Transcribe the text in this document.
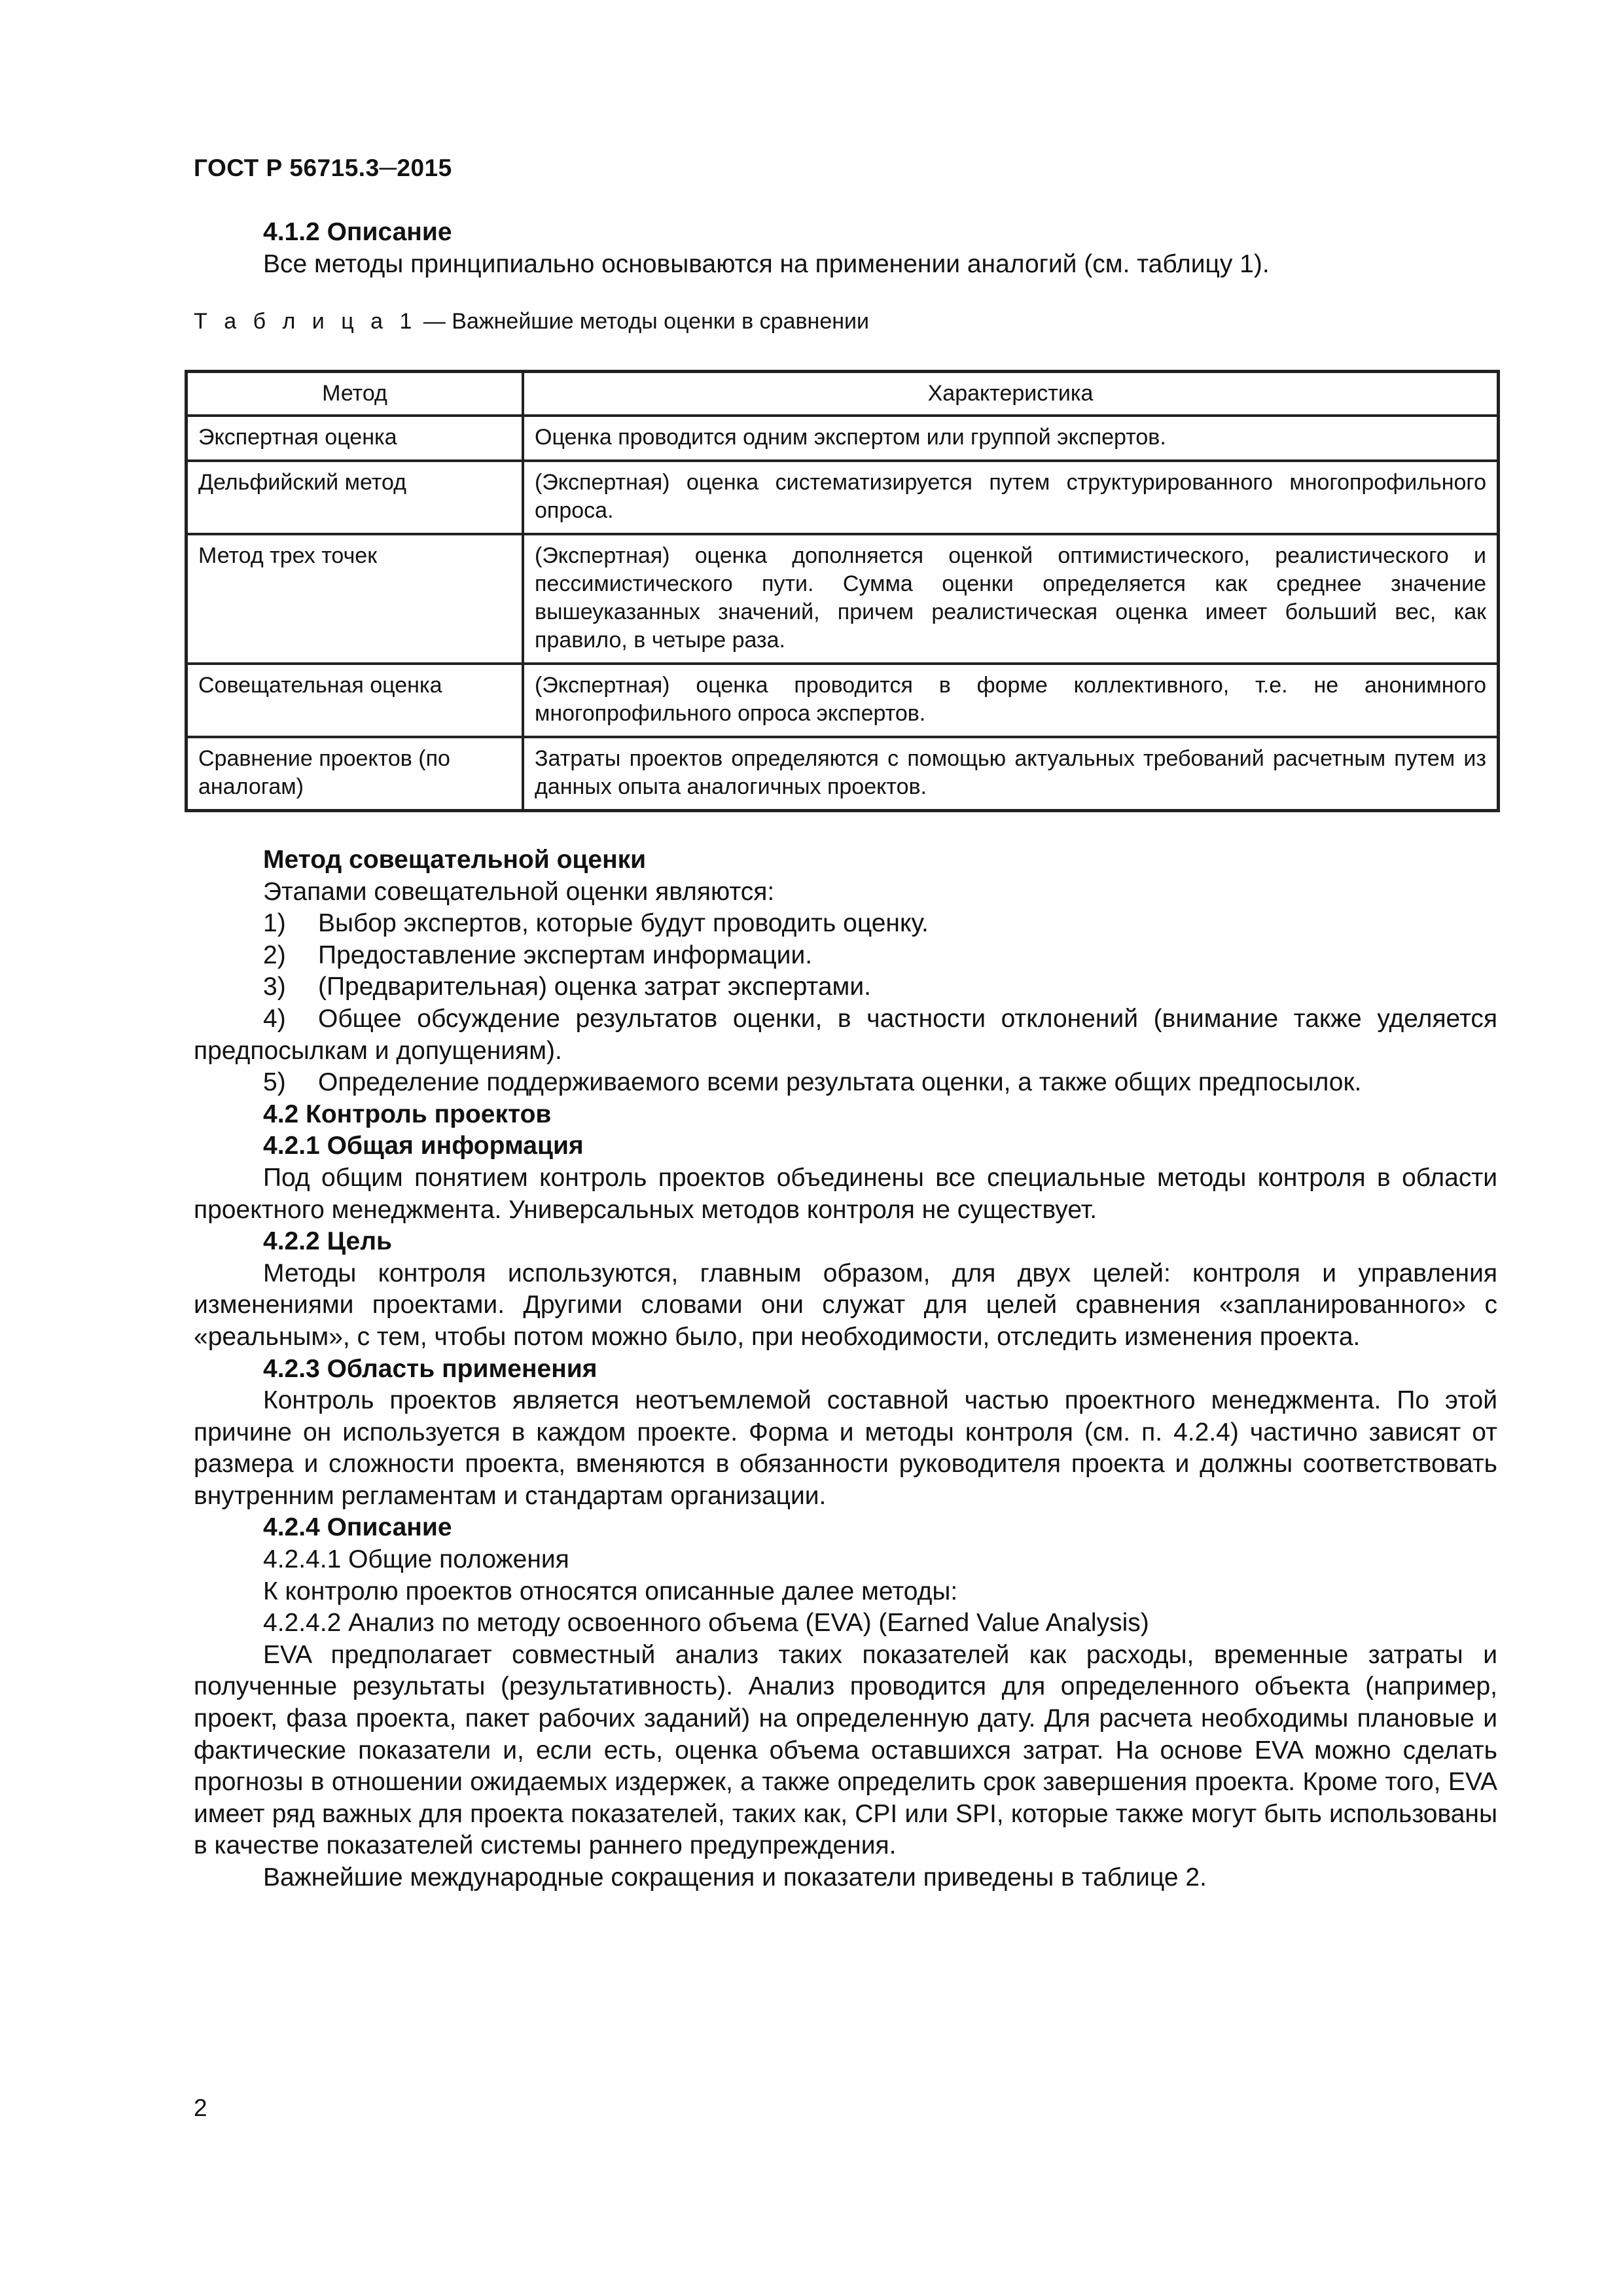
ГОСТ Р 56715.3─2015

4.1.2 Описание

Все методы принципиально основываются на применении аналогий (см. таблицу 1).

Т а б л и ц а 1 — Важнейшие методы оценки в сравнении
Метод	Характеристика
Экспертная оценка	Оценка проводится одним экспертом или группой экспертов.
Дельфийский метод	(Экспертная) оценка систематизируется путем структурированного многопрофильного опроса.
Метод трех точек	(Экспертная) оценка дополняется оценкой оптимистического, реалистического и пессимистического пути. Сумма оценки определяется как среднее значение вышеуказанных значений, причем реалистическая оценка имеет больший вес, как правило, в четыре раза.
Совещательная оценка	(Экспертная) оценка проводится в форме коллективного, т.е. не анонимного многопрофильного опроса экспертов.
Сравнение проектов (по аналогам)	Затраты проектов определяются с помощью актуальных требований расчетным путем из данных опыта аналогичных проектов.

Метод совещательной оценки

Этапами совещательной оценки являются:

1) Выбор экспертов, которые будут проводить оценку.

2) Предоставление экспертам информации.

3) (Предварительная) оценка затрат экспертами.

4) Общее обсуждение результатов оценки, в частности отклонений (внимание также уделяется предпосылкам и допущениям).

5) Определение поддерживаемого всеми результата оценки, а также общих предпосылок.

4.2 Контроль проектов

4.2.1 Общая информация

Под общим понятием контроль проектов объединены все специальные методы контроля в области проектного менеджмента. Универсальных методов контроля не существует.

4.2.2 Цель

Методы контроля используются, главным образом, для двух целей: контроля и управления изменениями проектами. Другими словами они служат для целей сравнения «запланированного» с «реальным», с тем, чтобы потом можно было, при необходимости, отследить изменения проекта.

4.2.3 Область применения

Контроль проектов является неотъемлемой составной частью проектного менеджмента. По этой причине он используется в каждом проекте. Форма и методы контроля (см. п. 4.2.4) частично зависят от размера и сложности проекта, вменяются в обязанности руководителя проекта и должны соответствовать внутренним регламентам и стандартам организации.

4.2.4 Описание

4.2.4.1 Общие положения

К контролю проектов относятся описанные далее методы:

4.2.4.2 Анализ по методу освоенного объема (EVA) (Earned Value Analysis)

EVA предполагает совместный анализ таких показателей как расходы, временные затраты и полученные результаты (результативность). Анализ проводится для определенного объекта (например, проект, фаза проекта, пакет рабочих заданий) на определенную дату. Для расчета необходимы плановые и фактические показатели и, если есть, оценка объема оставшихся затрат. На основе EVA можно сделать прогнозы в отношении ожидаемых издержек, а также определить срок завершения проекта. Кроме того, EVA имеет ряд важных для проекта показателей, таких как, CPI или SPI, которые также могут быть использованы в качестве показателей системы раннего предупреждения.

Важнейшие международные сокращения и показатели приведены в таблице 2.

2
